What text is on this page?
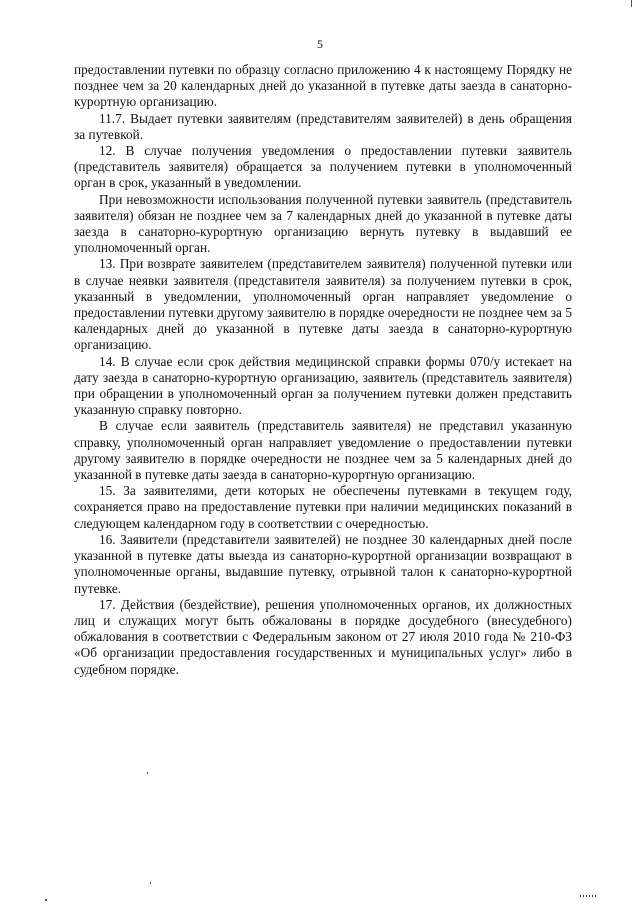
5

предоставлении путевки по образцу согласно приложению 4 к настоящему Порядку не позднее чем за 20 календарных дней до указанной в путевке даты заезда в санаторно-курортную организацию.

11.7. Выдает путевки заявителям (представителям заявителей) в день обращения за путевкой.

12. В случае получения уведомления о предоставлении путевки заявитель (представитель заявителя) обращается за получением путевки в уполномоченный орган в срок, указанный в уведомлении.

При невозможности использования полученной путевки заявитель (представитель заявителя) обязан не позднее чем за 7 календарных дней до указанной в путевке даты заезда в санаторно-курортную организацию вернуть путевку в выдавший ее уполномоченный орган.

13. При возврате заявителем (представителем заявителя) полученной путевки или в случае неявки заявителя (представителя заявителя) за получением путевки в срок, указанный в уведомлении, уполномоченный орган направляет уведомление о предоставлении путевки другому заявителю в порядке очередности не позднее чем за 5 календарных дней до указанной в путевке даты заезда в санаторно-курортную организацию.

14. В случае если срок действия медицинской справки формы 070/у истекает на дату заезда в санаторно-курортную организацию, заявитель (представитель заявителя) при обращении в уполномоченный орган за получением путевки должен представить указанную справку повторно.

В случае если заявитель (представитель заявителя) не представил указанную справку, уполномоченный орган направляет уведомление о предоставлении путевки другому заявителю в порядке очередности не позднее чем за 5 календарных дней до указанной в путевке даты заезда в санаторно-курортную организацию.

15. За заявителями, дети которых не обеспечены путевками в текущем году, сохраняется право на предоставление путевки при наличии медицинских показаний в следующем календарном году в соответствии с очередностью.

16. Заявители (представители заявителей) не позднее 30 календарных дней после указанной в путевке даты выезда из санаторно-курортной организации возвращают в уполномоченные органы, выдавшие путевку, отрывной талон к санаторно-курортной путевке.

17. Действия (бездействие), решения уполномоченных органов, их должностных лиц и служащих могут быть обжалованы в порядке досудебного (внесудебного) обжалования в соответствии с Федеральным законом от 27 июля 2010 года № 210-ФЗ «Об организации предоставления государственных и муниципальных услуг» либо в судебном порядке.
